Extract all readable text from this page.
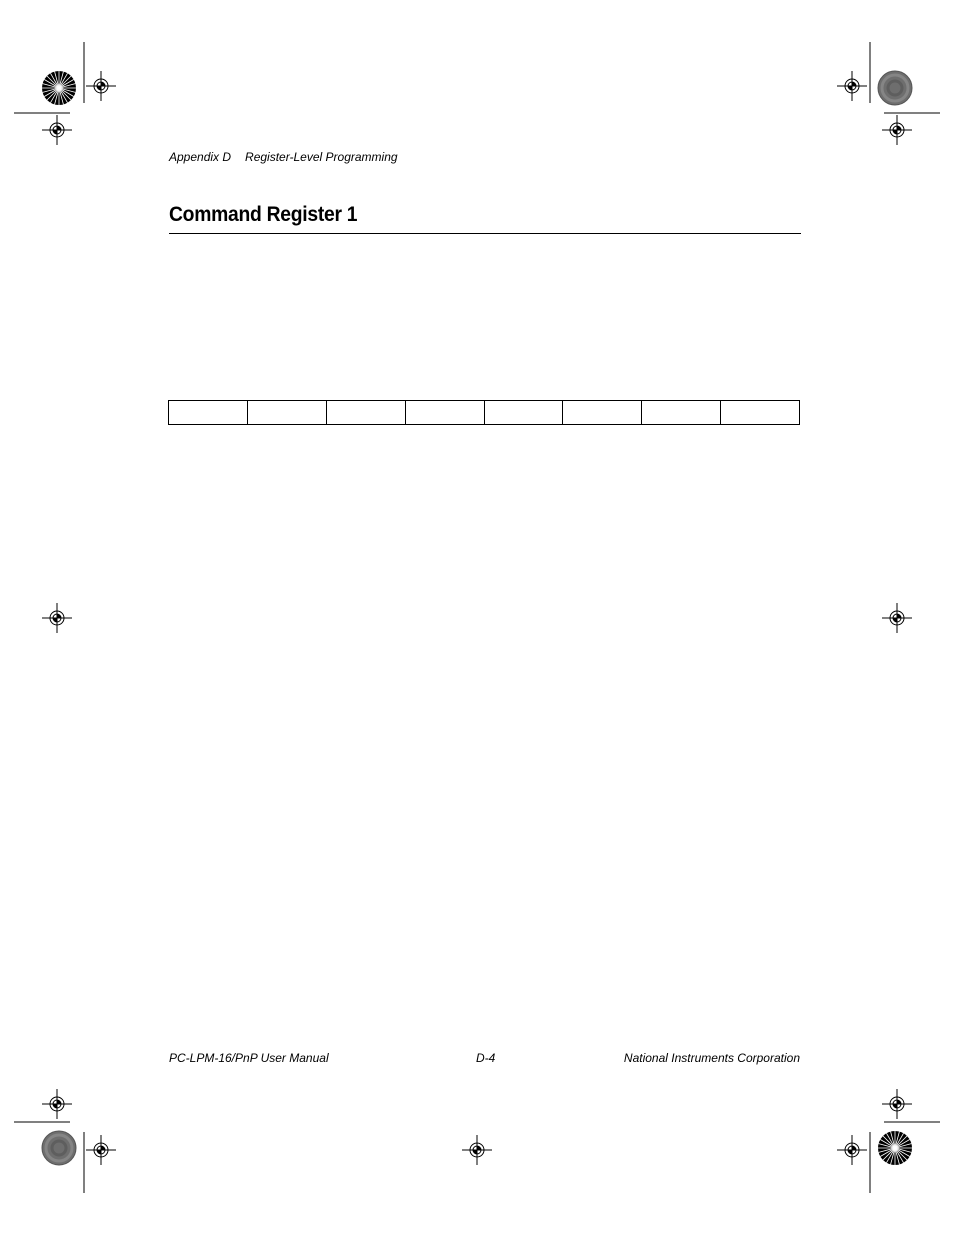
Appendix D Register-Level Programming
Command Register 1
PC-LPM-16/PnP User Manual	D-4	National Instruments Corporation
